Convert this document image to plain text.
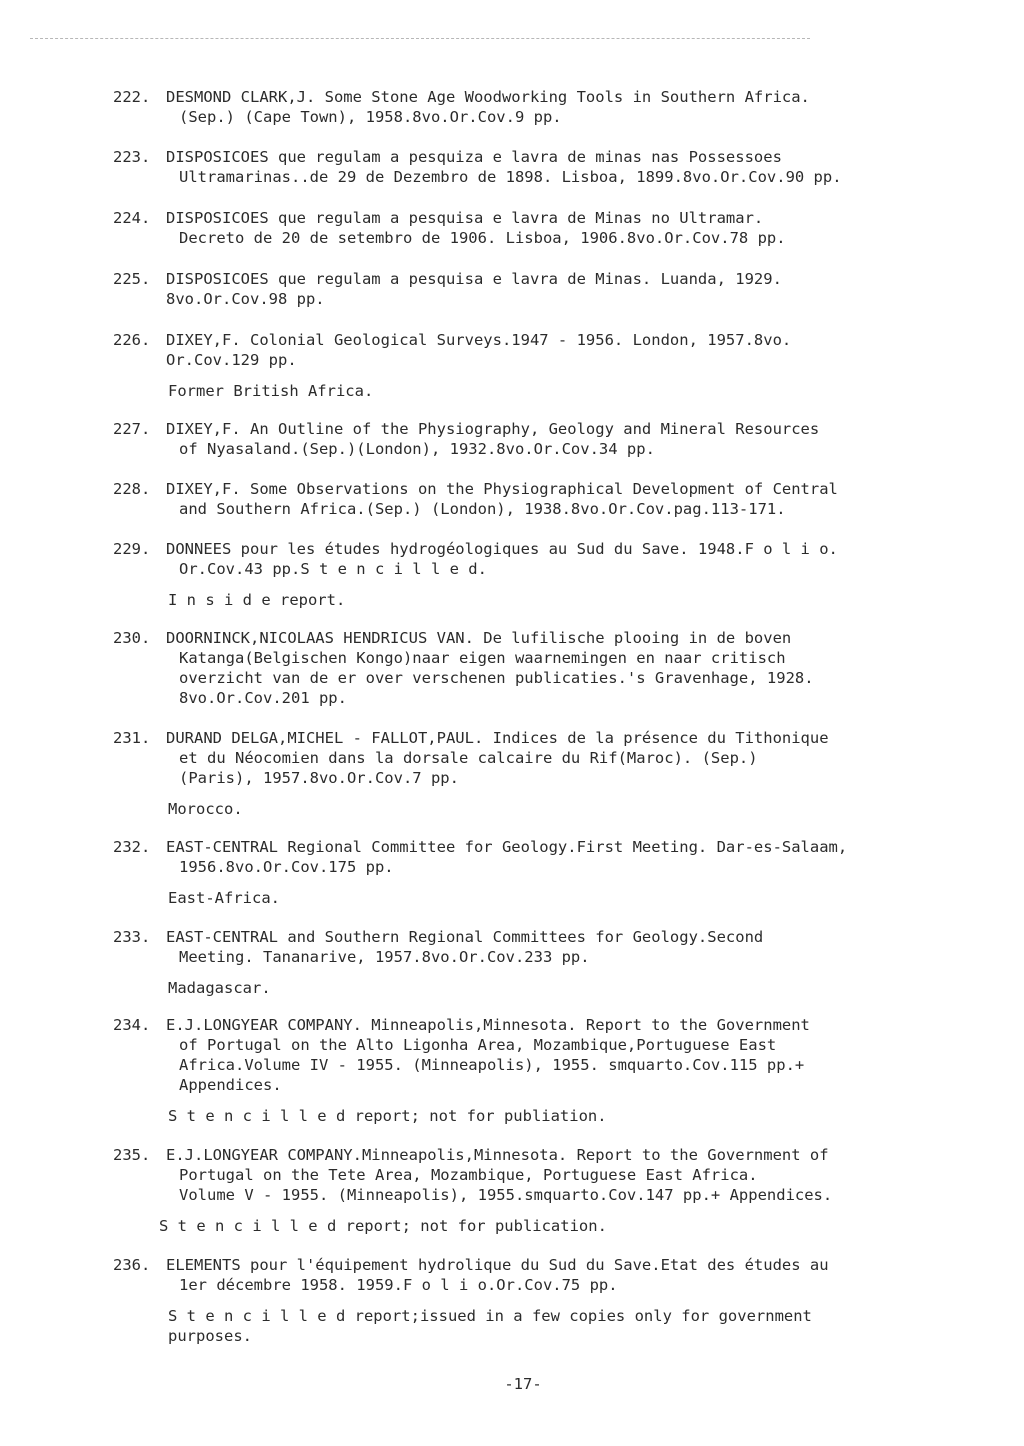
222.	DESMOND CLARK,J. Some Stone Age Woodworking Tools in Southern Africa.
(Sep.) (Cape Town), 1958.8vo.Or.Cov.9 pp.
223.	DISPOSICOES que regulam a pesquiza e lavra de minas nas Possessoes
Ultramarinas..de 29 de Dezembro de 1898. Lisboa, 1899.8vo.Or.Cov.90 pp.
224.	DISPOSICOES que regulam a pesquisa e lavra de Minas no Ultramar.
Decreto de 20 de setembro de 1906. Lisboa, 1906.8vo.Or.Cov.78 pp.
225.	DISPOSICOES que regulam a pesquisa e lavra de Minas. Luanda, 1929.
8vo.Or.Cov.98 pp.
226.	DIXEY,F. Colonial Geological Surveys.1947 - 1956. London, 1957.8vo.
Or.Cov.129 pp.
Former British Africa.
227.	DIXEY,F. An Outline of the Physiography, Geology and Mineral Resources
of Nyasaland.(Sep.)(London), 1932.8vo.Or.Cov.34 pp.
228.	DIXEY,F. Some Observations on the Physiographical Development of Central
and Southern Africa.(Sep.) (London), 1938.8vo.Or.Cov.pag.113-171.
229.	DONNEES pour les études hydrogéologiques au Sud du Save. 1948.F o l i o.
Or.Cov.43 pp.S t e n c i l l e d.
I n s i d e report.
230.	DOORNINCK,NICOLAAS HENDRICUS VAN. De lufilische plooing in de boven
Katanga(Belgischen Kongo)naar eigen waarnemingen en naar critisch
overzicht van de er over verschenen publicaties.'s Gravenhage, 1928.
8vo.Or.Cov.201 pp.
231.	DURAND DELGA,MICHEL - FALLOT,PAUL. Indices de la présence du Tithonique
et du Néocomien dans la dorsale calcaire du Rif(Maroc). (Sep.)
(Paris), 1957.8vo.Or.Cov.7 pp.
Morocco.
232.	EAST-CENTRAL Regional Committee for Geology.First Meeting. Dar-es-Salaam,
1956.8vo.Or.Cov.175 pp.
East-Africa.
233.	EAST-CENTRAL and Southern Regional Committees for Geology.Second
Meeting. Tananarive, 1957.8vo.Or.Cov.233 pp.
Madagascar.
234.	E.J.LONGYEAR COMPANY. Minneapolis,Minnesota. Report to the Government
of Portugal on the Alto Ligonha Area, Mozambique,Portuguese East
Africa.Volume IV - 1955. (Minneapolis), 1955. smquarto.Cov.115 pp.+
Appendices.
S t e n c i l l e d report; not for publiation.
235.	E.J.LONGYEAR COMPANY.Minneapolis,Minnesota. Report to the Government of
Portugal on the Tete Area, Mozambique, Portuguese East Africa.
Volume V - 1955. (Minneapolis), 1955.smquarto.Cov.147 pp.+ Appendices.
S t e n c i l l e d report; not for publication.
236.	ELEMENTS pour l'équipement hydrolique du Sud du Save.Etat des études au
1er décembre 1958. 1959.F o l i o.Or.Cov.75 pp.
S t e n c i l l e d report;issued in a few copies only for government
purposes.
-17-
